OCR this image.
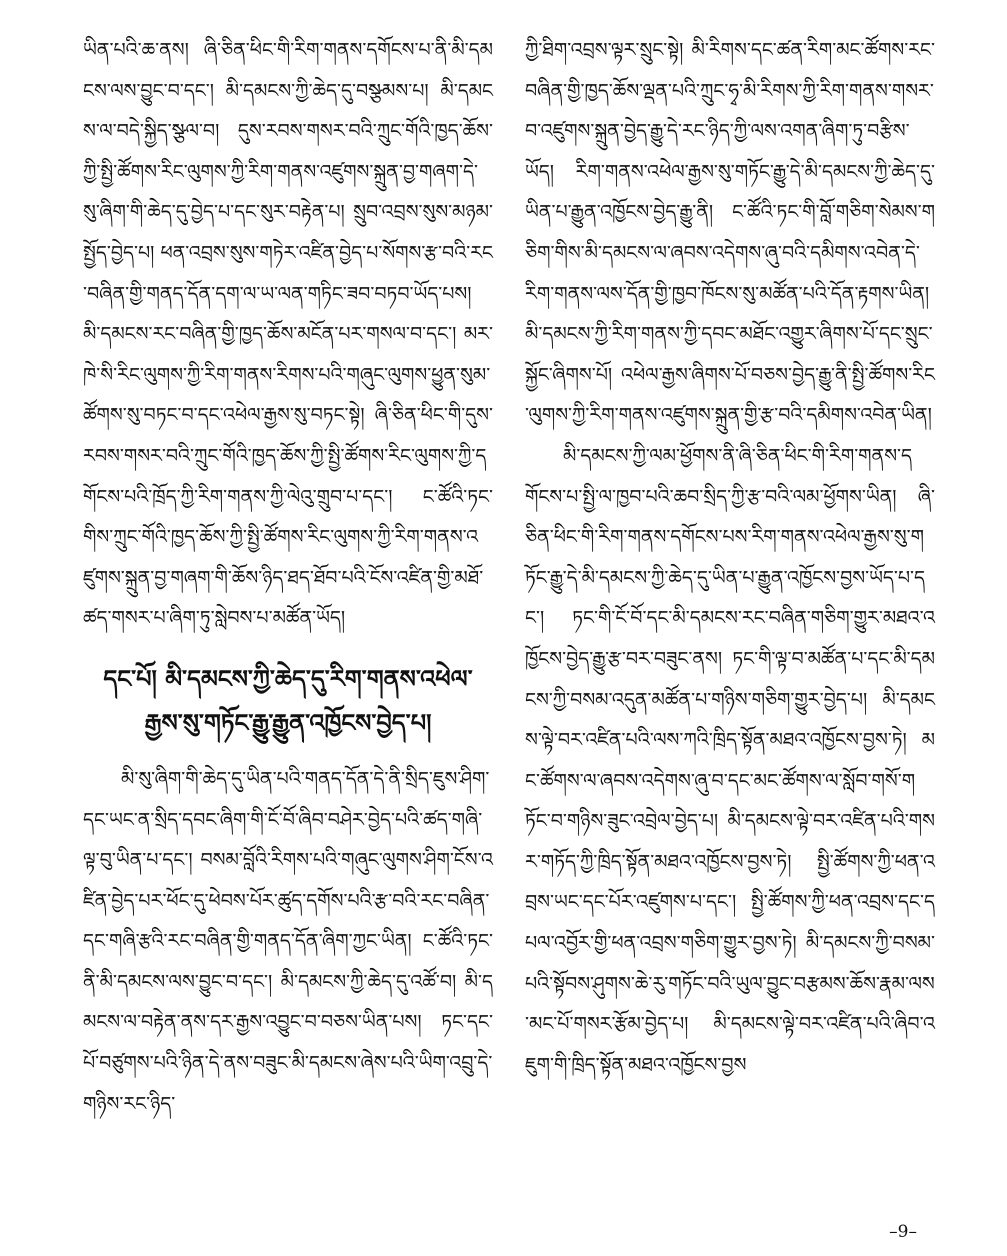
ཡིན་པའི་ཆ་ནས། ཞི་ཅིན་ཕིང་གི་རིག་གནས་དགོངས་པ་ནི་མི་དམངས་ལས་བྱུང་བ་དང་། མི་དམངས་ཀྱི་ཆེད་དུ་བསྩམས་པ། མི་དམངས་ལ་བདེ་སྐྱིད་སྩལ་བ། དུས་རབས་གསར་བའི་ཀྲུང་གོའི་ཁྱད་ཆོས་ཀྱི་སྤྱི་ཚོགས་རིང་ལུགས་ཀྱི་རིག་གནས་འཛུགས་སྐྲུན་བྱ་གཞག་དེ་སུ་ཞིག་གི་ཆེད་དུ་བྱེད་པ་དང་སུར་བརྟེན་པ། སྲུབ་འབྲས་སུས་མཉམ་སྤྱོད་བྱེད་པ། ཕན་འབྲས་སུས་གཏེར་འཛིན་བྱེད་པ་སོགས་རྩ་བའི་རང་བཞིན་གྱི་གནད་དོན་དག་ལ་ཡ་ལན་གཏིང་ཟབ་བཏབ་ཡོད་པས། མི་དམངས་རང་བཞིན་གྱི་ཁྱད་ཆོས་མངོན་པར་གསལ་བ་དང་། མར་ཁེ་སི་རིང་ལུགས་ཀྱི་རིག་གནས་རིགས་པའི་གཞུང་ལུགས་ཕྱུན་སུམ་ཚོགས་སུ་བཏང་བ་དང་འཕེལ་རྒྱས་སུ་བཏང་སྟེ། ཞི་ཅིན་ཕིང་གི་དུས་རབས་གསར་བའི་ཀྲུང་གོའི་ཁྱད་ཆོས་ཀྱི་སྤྱི་ཚོགས་རིང་ལུགས་ཀྱི་དགོངས་པའི་ཁྲོད་ཀྱི་རིག་གནས་ཀྱི་ལེའུ་གྲུབ་པ་དང་། ང་ཚོའི་ཏང་གིས་ཀྲུང་གོའི་ཁྱད་ཆོས་ཀྱི་སྤྱི་ཚོགས་རིང་ལུགས་ཀྱི་རིག་གནས་འཛུགས་སྐྲུན་བྱ་གཞག་གི་ཆོས་ཉིད་ཐད་ཐོབ་པའི་ངོས་འཛིན་གྱི་མཐོ་ཚད་གསར་པ་ཞིག་ཏུ་སླེབས་པ་མཚོན་ཡོད།

དང་པོ། མི་དམངས་ཀྱི་ཆེད་དུ་རིག་གནས་འཕེལ་
རྒྱས་སུ་གཏོང་རྒྱུ་རྒྱུན་འཁྱོངས་བྱེད་པ།

མི་སུ་ཞིག་གི་ཆེད་དུ་ཡིན་པའི་གནད་དོན་དེ་ནི་སྲིད་ཇུས་ཤིག་དང་ཡང་ན་སྲིད་དབང་ཞིག་གི་ངོ་བོ་ཞིབ་བཤེར་བྱེད་པའི་ཚད་གཞི་ལྟ་བུ་ཡིན་པ་དང་། བསམ་བློའི་རིགས་པའི་གཞུང་ལུགས་ཤིག་ངོས་འཛིན་བྱེད་པར་ཕོང་དུ་ཕེབས་པོར་ཚུད་དགོས་པའི་རྩ་བའི་རང་བཞིན་དང་གཞི་རྩའི་རང་བཞིན་གྱི་གནད་དོན་ཞིག་ཀྱང་ཡིན། ང་ཚོའི་ཏང་ནི་མི་དམངས་ལས་བྱུང་བ་དང་། མི་དམངས་ཀྱི་ཆེད་དུ་འཚོ་བ། མི་དམངས་ལ་བརྟེན་ནས་དར་རྒྱས་འབྱུང་བ་བཅས་ཡིན་པས། ཏང་དང་པོ་བཙུགས་པའི་ཉིན་དེ་ནས་བཟུང་མི་དམངས་ཞེས་པའི་ཡིག་འབྲུ་དེ་གཉིས་རང་ཉིད་

ཀྱི་ཐིག་འབྲས་ལྟར་སྲུང་སྟེ། མི་རིགས་དང་ཚན་རིག་མང་ཚོགས་རང་བཞིན་གྱི་ཁྱད་ཆོས་ལྡན་པའི་ཀྲུང་ཧྭ་མི་རིགས་ཀྱི་རིག་གནས་གསར་བ་འཛུགས་སྐྲུན་བྱེད་རྒྱུ་དེ་རང་ཉིད་ཀྱི་ལས་འགན་ཞིག་ཏུ་བརྩིས་ཡོད། རིག་གནས་འཕེལ་རྒྱས་སུ་གཏོང་རྒྱུ་དེ་མི་དམངས་ཀྱི་ཆེད་དུ་ཡིན་པ་རྒྱུན་འཁྱོངས་བྱེད་རྒྱུ་ནི། ང་ཚོའི་ཏང་གི་བློ་གཅིག་སེམས་གཅིག་གིས་མི་དམངས་ལ་ཞབས་འདེགས་ཞུ་བའི་དམིགས་འབེན་དེ་རིག་གནས་ལས་དོན་གྱི་ཁྱབ་ཁོངས་སུ་མཚོན་པའི་དོན་རྟགས་ཡིན། མི་དམངས་ཀྱི་རིག་གནས་ཀྱི་དབང་མཐོང་འགྱུར་ཞིགས་པོ་དང་སྲུང་སྐྱོང་ཞིགས་པོ། འཕེལ་རྒྱས་ཞིགས་པོ་བཅས་བྱེད་རྒྱུ་ནི་སྤྱི་ཚོགས་རིང་ལུགས་ཀྱི་རིག་གནས་འཛུགས་སྐྲུན་གྱི་རྩ་བའི་དམིགས་འབེན་ཡིན།

མི་དམངས་ཀྱི་ལམ་ཕྱོགས་ནི་ཞི་ཅིན་ཕིང་གི་རིག་གནས་དགོངས་པ་སྤྱི་ལ་ཁྱབ་པའི་ཆབ་སྲིད་ཀྱི་རྩ་བའི་ལམ་ཕྱོགས་ཡིན། ཞི་ཅིན་ཕིང་གི་རིག་གནས་དགོངས་པས་རིག་གནས་འཕེལ་རྒྱས་སུ་གཏོང་རྒྱུ་དེ་མི་དམངས་ཀྱི་ཆེད་དུ་ཡིན་པ་རྒྱུན་འཁྱོངས་བྱས་ཡོད་པ་དང་། ཏང་གི་ངོ་བོ་དང་མི་དམངས་རང་བཞིན་གཅིག་གྱུར་མཐའ་འཁྱོངས་བྱེད་རྒྱུ་རྩ་བར་བཟུང་ནས། ཏང་གི་ལྟ་བ་མཚོན་པ་དང་མི་དམངས་ཀྱི་བསམ་འདུན་མཚོན་པ་གཉིས་གཅིག་གྱུར་བྱེད་པ། མི་དམངས་ལྟེ་བར་འཛིན་པའི་ལས་ཀའི་ཁྲིད་སྟོན་མཐའ་འཁྱོངས་བྱས་ཏེ། མང་ཚོགས་ལ་ཞབས་འདེགས་ཞུ་བ་དང་མང་ཚོགས་ལ་སློབ་གསོ་གཏོང་བ་གཉིས་ཟུང་འབྲེལ་བྱེད་པ། མི་དམངས་ལྟེ་བར་འཛིན་པའི་གསར་གཏོད་ཀྱི་ཁྲིད་སྟོན་མཐའ་འཁྱོངས་བྱས་ཏེ། སྤྱི་ཚོགས་ཀྱི་ཕན་འབྲས་ཡང་དང་པོར་འཛུགས་པ་དང་། སྤྱི་ཚོགས་ཀྱི་ཕན་འབྲས་དང་དཔལ་འབྱོར་གྱི་ཕན་འབྲས་གཅིག་གྱུར་བྱས་ཏེ། མི་དམངས་ཀྱི་བསམ་པའི་སྟོབས་ཤུགས་ཆེ་རུ་གཏོང་བའི་ཡུལ་བྱུང་བརྩམས་ཆོས་རྣམ་ལས་མང་པོ་གསར་རྩོམ་བྱེད་པ། མི་དམངས་ལྟེ་བར་འཛིན་པའི་ཞིབ་འཇུག་གི་ཁྲིད་སྟོན་མཐའ་འཁྱོངས་བྱས

–9–
